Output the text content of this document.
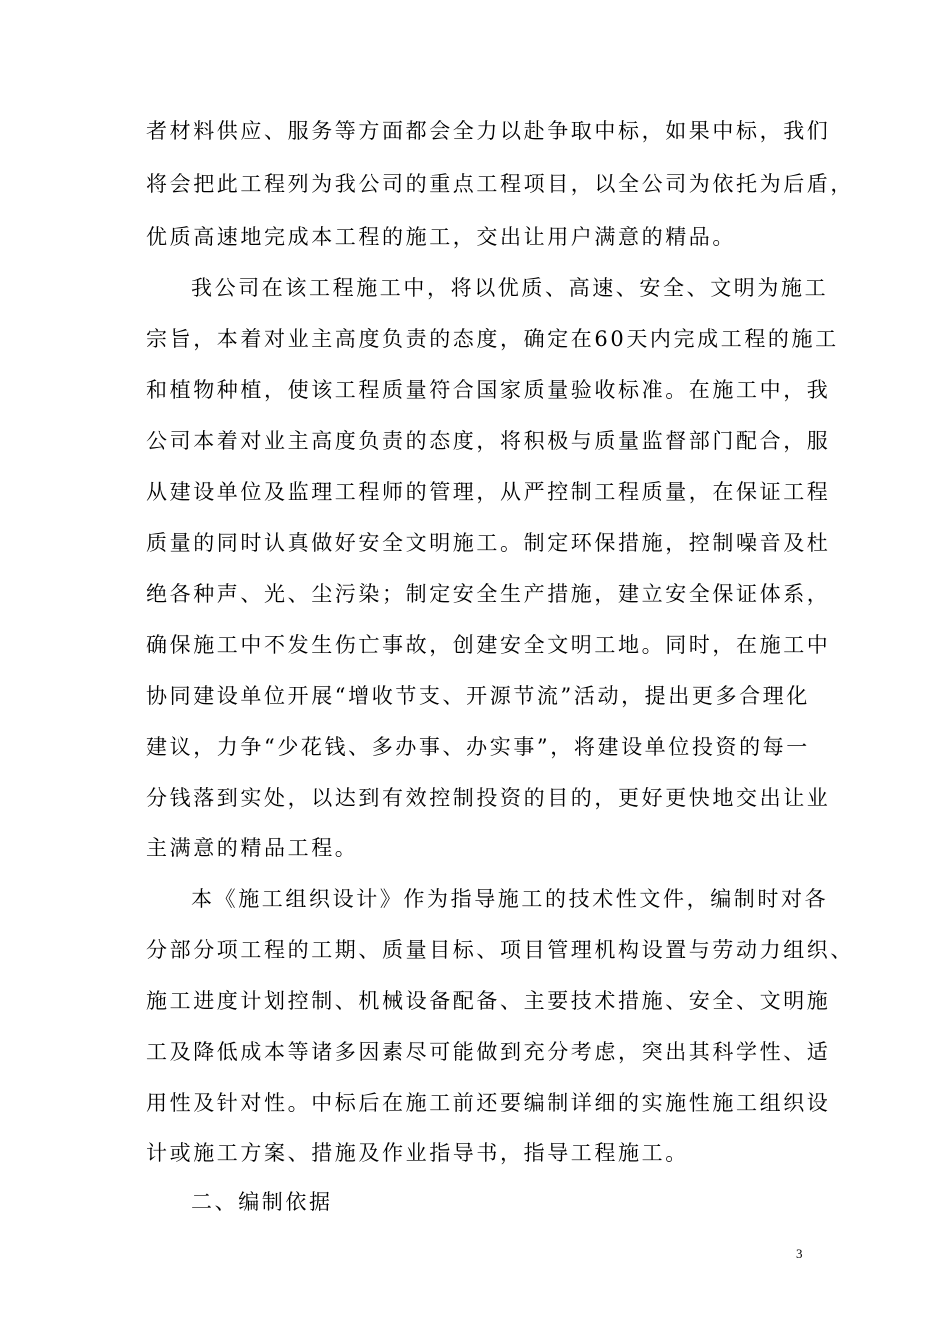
者材料供应、服务等方面都会全力以赴争取中标，如果中标，我们
将会把此工程列为我公司的重点工程项目，以全公司为依托为后盾，
优质高速地完成本工程的施工，交出让用户满意的精品。
我公司在该工程施工中，将以优质、高速、安全、文明为施工
宗旨，本着对业主高度负责的态度，确定在60天内完成工程的施工
和植物种植，使该工程质量符合国家质量验收标准。在施工中，我
公司本着对业主高度负责的态度，将积极与质量监督部门配合，服
从建设单位及监理工程师的管理，从严控制工程质量，在保证工程
质量的同时认真做好安全文明施工。制定环保措施，控制噪音及杜
绝各种声、光、尘污染；制定安全生产措施，建立安全保证体系，
确保施工中不发生伤亡事故，创建安全文明工地。同时，在施工中
协同建设单位开展“增收节支、开源节流”活动，提出更多合理化
建议，力争“少花钱、多办事、办实事”，将建设单位投资的每一
分钱落到实处，以达到有效控制投资的目的，更好更快地交出让业
主满意的精品工程。
本《施工组织设计》作为指导施工的技术性文件，编制时对各
分部分项工程的工期、质量目标、项目管理机构设置与劳动力组织、
施工进度计划控制、机械设备配备、主要技术措施、安全、文明施
工及降低成本等诸多因素尽可能做到充分考虑，突出其科学性、适
用性及针对性。中标后在施工前还要编制详细的实施性施工组织设
计或施工方案、措施及作业指导书，指导工程施工。
二、编制依据
3
